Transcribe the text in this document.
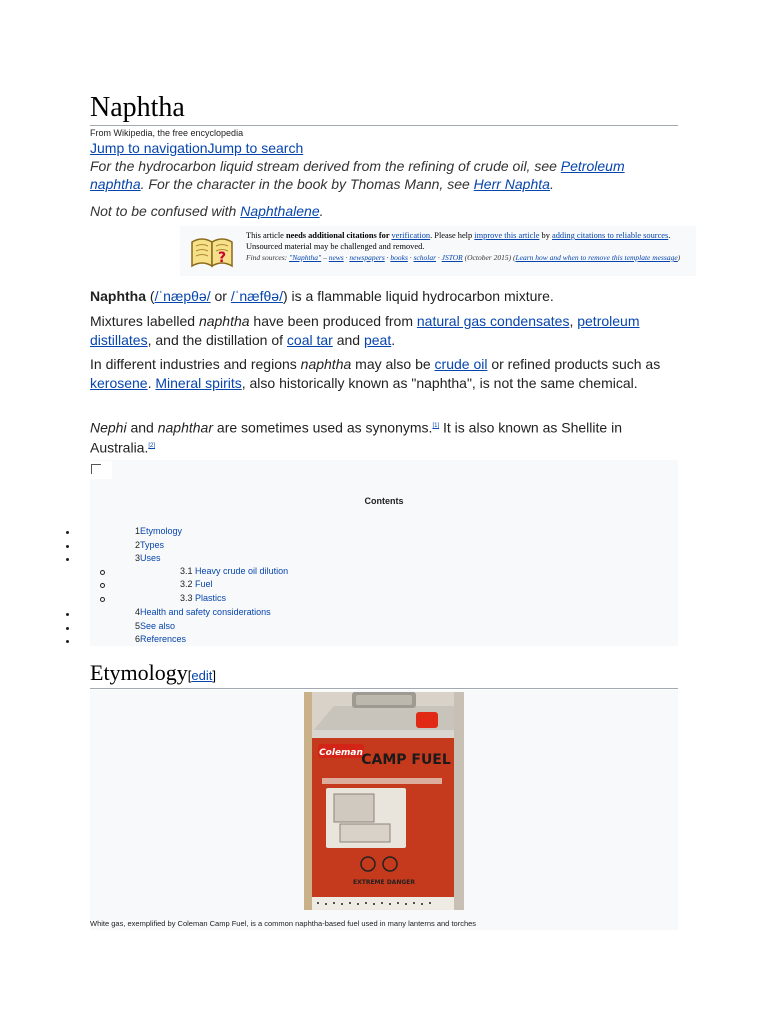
Naphtha
From Wikipedia, the free encyclopedia
Jump to navigationJump to search
For the hydrocarbon liquid stream derived from the refining of crude oil, see Petroleum naphtha. For the character in the book by Thomas Mann, see Herr Naphta.
Not to be confused with Naphthalene.
?
This article needs additional citations for verification. Please help improve this article by adding citations to reliable sources. Unsourced material may be challenged and removed.
Find sources: "Naphtha" – news · newspapers · books · scholar · JSTOR (October 2015) (Learn how and when to remove this template message)
Naphtha (/ˈnæpθə/ or /ˈnæfθə/) is a flammable liquid hydrocarbon mixture.
Mixtures labelled naphtha have been produced from natural gas condensates, petroleum distillates, and the distillation of coal tar and peat.
In different industries and regions naphtha may also be crude oil or refined products such as kerosene. Mineral spirits, also historically known as "naphtha", is not the same chemical.
Nephi and naphthar are sometimes used as synonyms.[1] It is also known as Shellite in Australia.[2]
Contents
1Etymology
2Types
3Uses
3.1 Heavy crude oil dilution
3.2 Fuel
3.3 Plastics
4Health and safety considerations
5See also
6References
Etymology[edit]
Coleman
CAMP FUEL
EXTREME DANGER
White gas, exemplified by Coleman Camp Fuel, is a common naphtha-based fuel used in many lanterns and torches
